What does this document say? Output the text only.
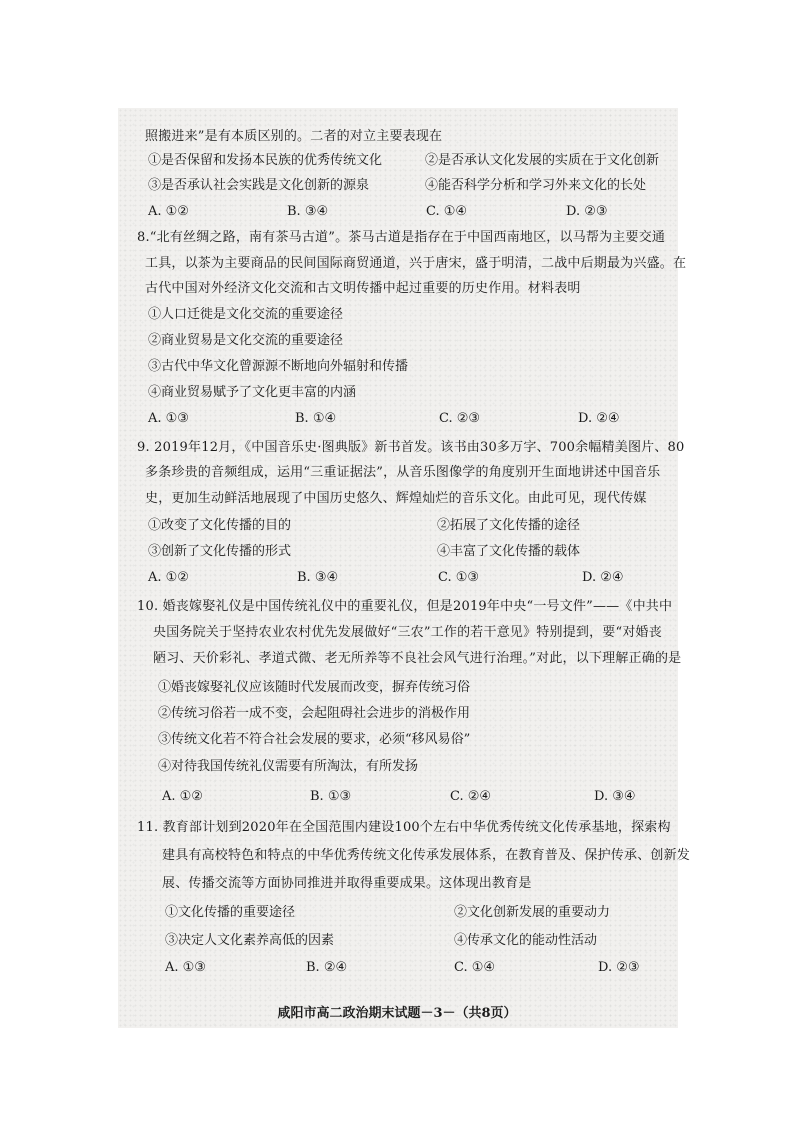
照搬进来”是有本质区别的。二者的对立主要表现在
①是否保留和发扬本民族的优秀传统文化	②是否承认文化发展的实质在于文化创新
③是否承认社会实践是文化创新的源泉	④能否科学分析和学习外来文化的长处
A. ①②	B. ③④	C. ①④	D. ②③
8.“北有丝绸之路，南有茶马古道”。茶马古道是指存在于中国西南地区，以马帮为主要交通
工具，以茶为主要商品的民间国际商贸通道，兴于唐宋，盛于明清，二战中后期最为兴盛。在
古代中国对外经济文化交流和古文明传播中起过重要的历史作用。材料表明
①人口迁徙是文化交流的重要途径
②商业贸易是文化交流的重要途径
③古代中华文化曾源源不断地向外辐射和传播
④商业贸易赋予了文化更丰富的内涵
A. ①③	B. ①④	C. ②③	D. ②④
9. 2019年12月，《中国音乐史·图典版》新书首发。该书由30多万字、700余幅精美图片、80
多条珍贵的音频组成，运用“三重证据法”，从音乐图像学的角度别开生面地讲述中国音乐
史，更加生动鲜活地展现了中国历史悠久、辉煌灿烂的音乐文化。由此可见，现代传媒
①改变了文化传播的目的	②拓展了文化传播的途径
③创新了文化传播的形式	④丰富了文化传播的载体
A. ①②	B. ③④	C. ①③	D. ②④
10. 婚丧嫁娶礼仪是中国传统礼仪中的重要礼仪，但是2019年中央“一号文件”——《中共中
央国务院关于坚持农业农村优先发展做好“三农”工作的若干意见》特别提到，要“对婚丧
陋习、天价彩礼、孝道式微、老无所养等不良社会风气进行治理。”对此，以下理解正确的是
①婚丧嫁娶礼仪应该随时代发展而改变，摒弃传统习俗
②传统习俗若一成不变，会起阻碍社会进步的消极作用
③传统文化若不符合社会发展的要求，必须“移风易俗”
④对待我国传统礼仪需要有所淘汰，有所发扬
A. ①②	B. ①③	C. ②④	D. ③④
11. 教育部计划到2020年在全国范围内建设100个左右中华优秀传统文化传承基地，探索构
建具有高校特色和特点的中华优秀传统文化传承发展体系，在教育普及、保护传承、创新发
展、传播交流等方面协同推进并取得重要成果。这体现出教育是
①文化传播的重要途径	②文化创新发展的重要动力
③决定人文化素养高低的因素	④传承文化的能动性活动
A. ①③	B. ②④	C. ①④	D. ②③
咸阳市高二政治期末试题－3－（共8页）
